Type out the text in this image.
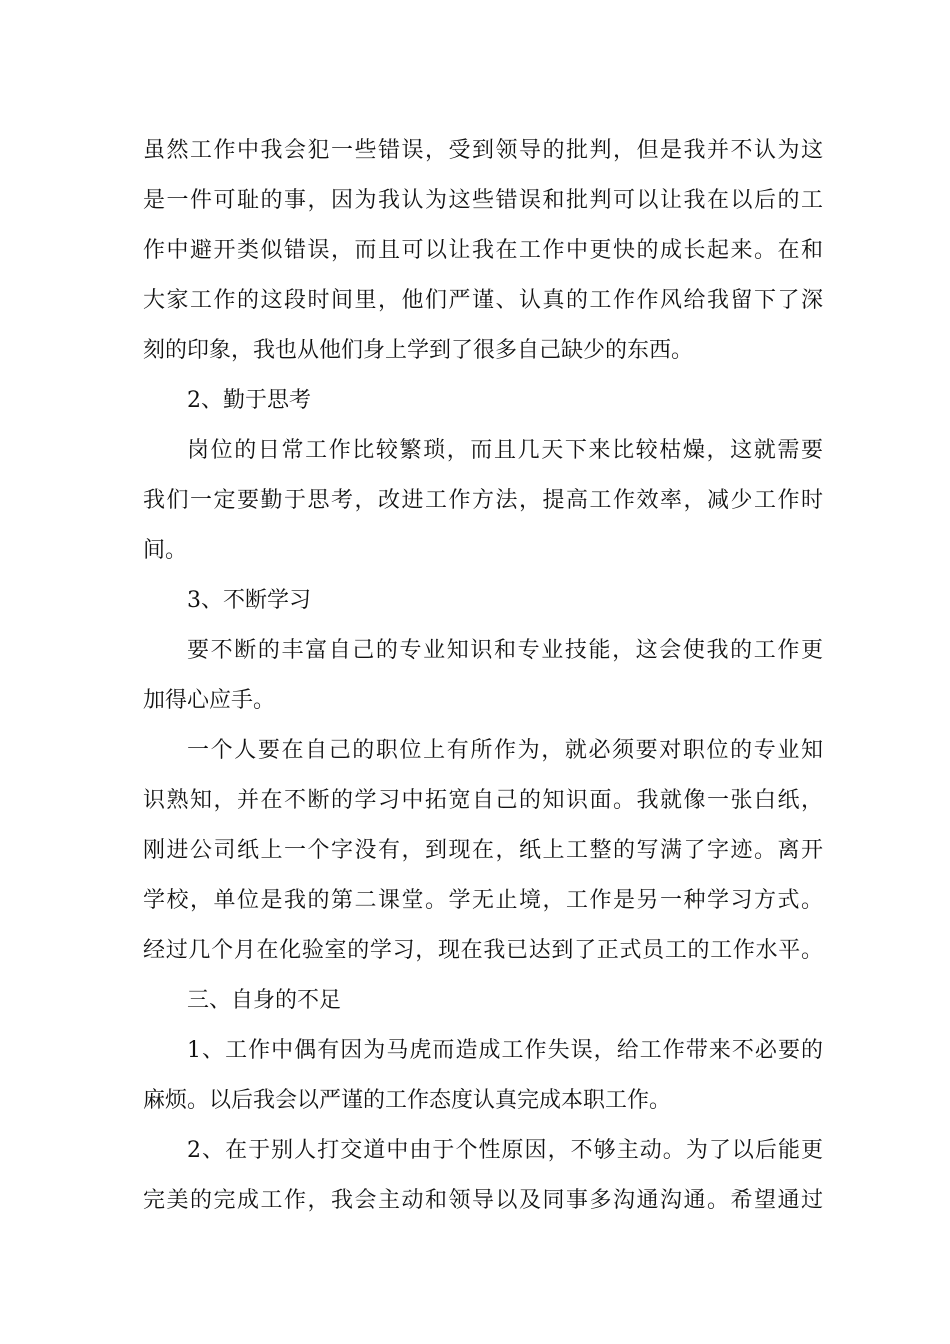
虽然工作中我会犯一些错误，受到领导的批判，但是我并不认为这
是一件可耻的事，因为我认为这些错误和批判可以让我在以后的工
作中避开类似错误，而且可以让我在工作中更快的成长起来。在和
大家工作的这段时间里，他们严谨、认真的工作作风给我留下了深
刻的印象，我也从他们身上学到了很多自己缺少的东西。
2、勤于思考
岗位的日常工作比较繁琐，而且几天下来比较枯燥，这就需要
我们一定要勤于思考，改进工作方法，提高工作效率，减少工作时
间。
3、不断学习
要不断的丰富自己的专业知识和专业技能，这会使我的工作更
加得心应手。
一个人要在自己的职位上有所作为，就必须要对职位的专业知
识熟知，并在不断的学习中拓宽自己的知识面。我就像一张白纸，
刚进公司纸上一个字没有，到现在，纸上工整的写满了字迹。离开
学校，单位是我的第二课堂。学无止境，工作是另一种学习方式。
经过几个月在化验室的学习，现在我已达到了正式员工的工作水平。
三、自身的不足
1、工作中偶有因为马虎而造成工作失误，给工作带来不必要的
麻烦。以后我会以严谨的工作态度认真完成本职工作。
2、在于别人打交道中由于个性原因，不够主动。为了以后能更
完美的完成工作，我会主动和领导以及同事多沟通沟通。希望通过
